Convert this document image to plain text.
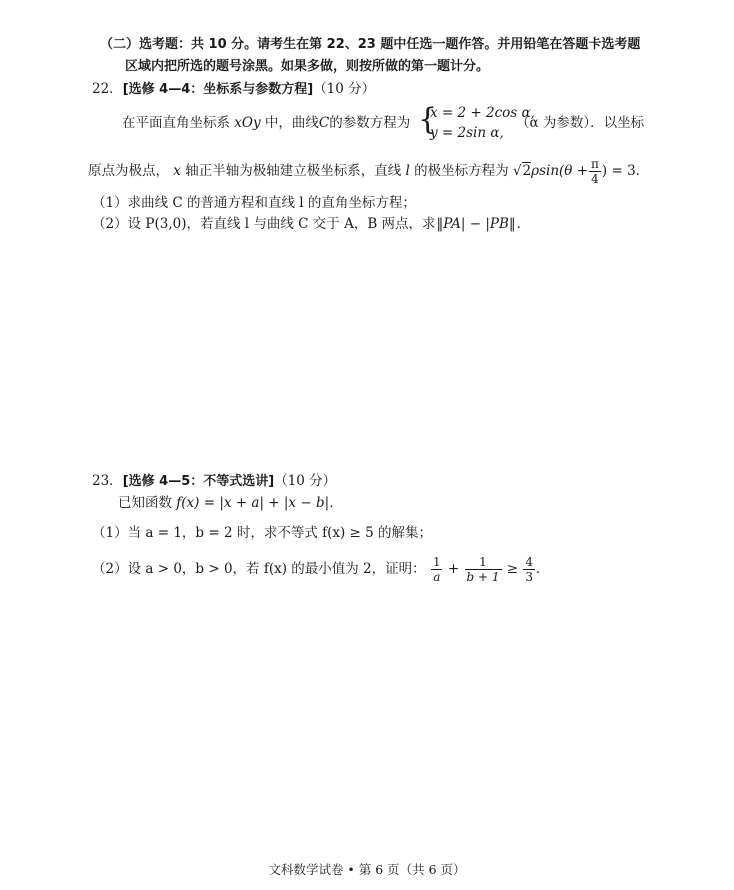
（二）选考题：共 10 分。请考生在第 22、23 题中任选一题作答。并用铅笔在答题卡选考题
区域内把所选的题号涂黑。如果多做，则按所做的第一题计分。
22．[选修 4—4：坐标系与参数方程]（10 分）
在平面直角坐标系 xOy 中，曲线C的参数方程为 {
x = 2 + 2cos α,
y = 2sin α,
（α 为参数）．以坐标
原点为极点， x 轴正半轴为极轴建立极坐标系，直线 l 的极坐标方程为 $√2\rho\sin(\theta + \frac{\pi}{4}$ ) = 3．
（1）求曲线 C 的普通方程和直线 l 的直角坐标方程；
（2）设 P(3,0)，若直线 l 与曲线 C 交于 A，B 两点，求‖PA| − |PB‖．
23．[选修 4—5：不等式选讲]（10 分）
已知函数 f(x) = |x + a| + |x − b|．
（1）当 a = 1，b = 2 时，求不等式 f(x) ≥ 5 的解集；
（2）设 a > 0，b > 0，若 f(x) 的最小值为 2，证明： $\frac{1}{a} + \frac{1}{b + 1} \ge \frac{4}{3}$ ．
文科数学试卷 • 第 6 页（共 6 页）
